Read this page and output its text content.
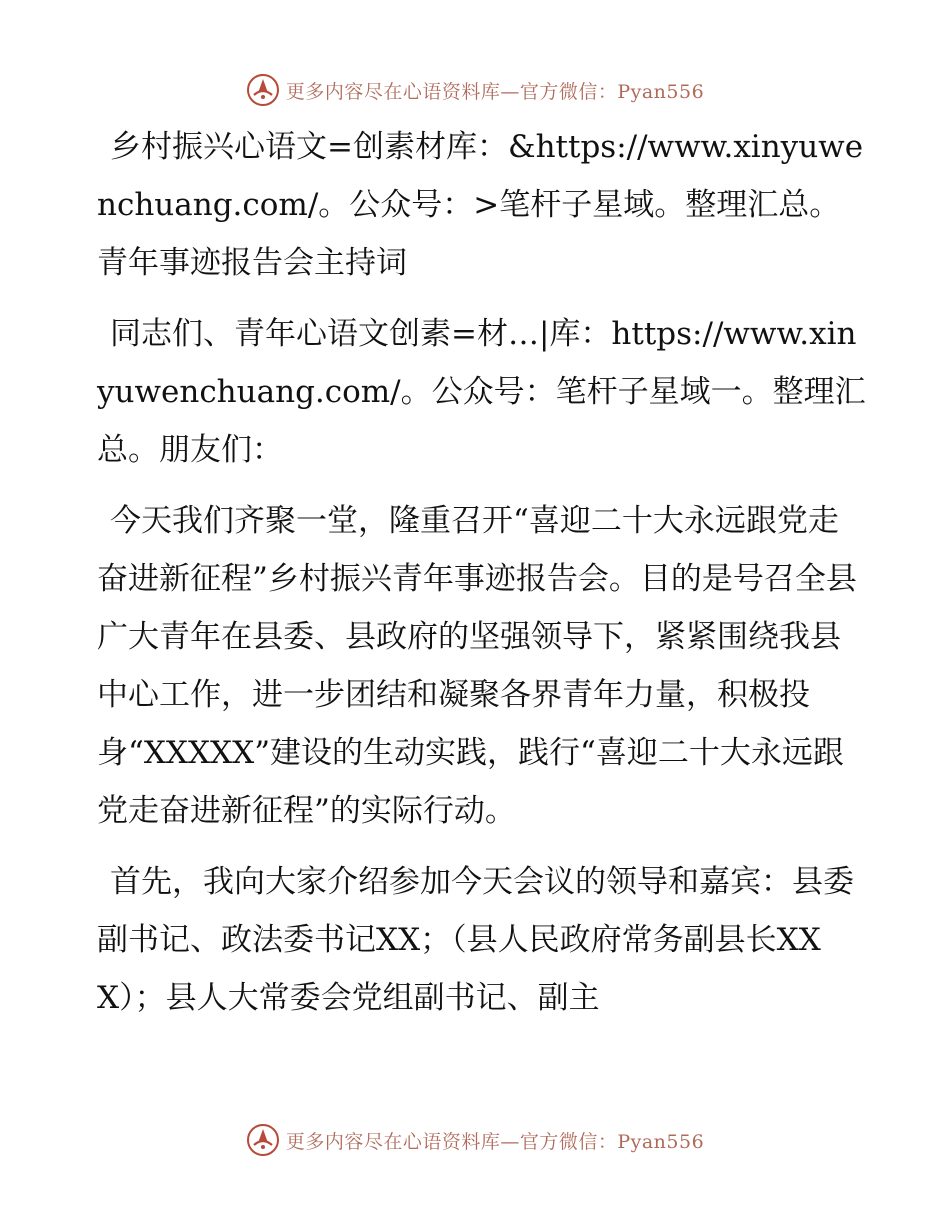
更多内容尽在心语资料库—官方微信：Pyan556

乡村振兴心语文=创素材库：&https://www.xinyuwenchuang.com/。公众号：>笔杆子星域。整理汇总。青年事迹报告会主持词

同志们、青年心语文创素=材…|库：https://www.xinyuwenchuang.com/。公众号：笔杆子星域一。整理汇总。朋友们：

今天我们齐聚一堂，隆重召开“喜迎二十大永远跟党走奋进新征程”乡村振兴青年事迹报告会。目的是号召全县广大青年在县委、县政府的坚强领导下，紧紧围绕我县中心工作，进一步团结和凝聚各界青年力量，积极投身“XXXXX”建设的生动实践，践行“喜迎二十大永远跟党走奋进新征程”的实际行动。

首先，我向大家介绍参加今天会议的领导和嘉宾：县委副书记、政法委书记XX；（县人民政府常务副县长XXX）；县人大常委会党组副书记、副主

更多内容尽在心语资料库—官方微信：Pyan556
